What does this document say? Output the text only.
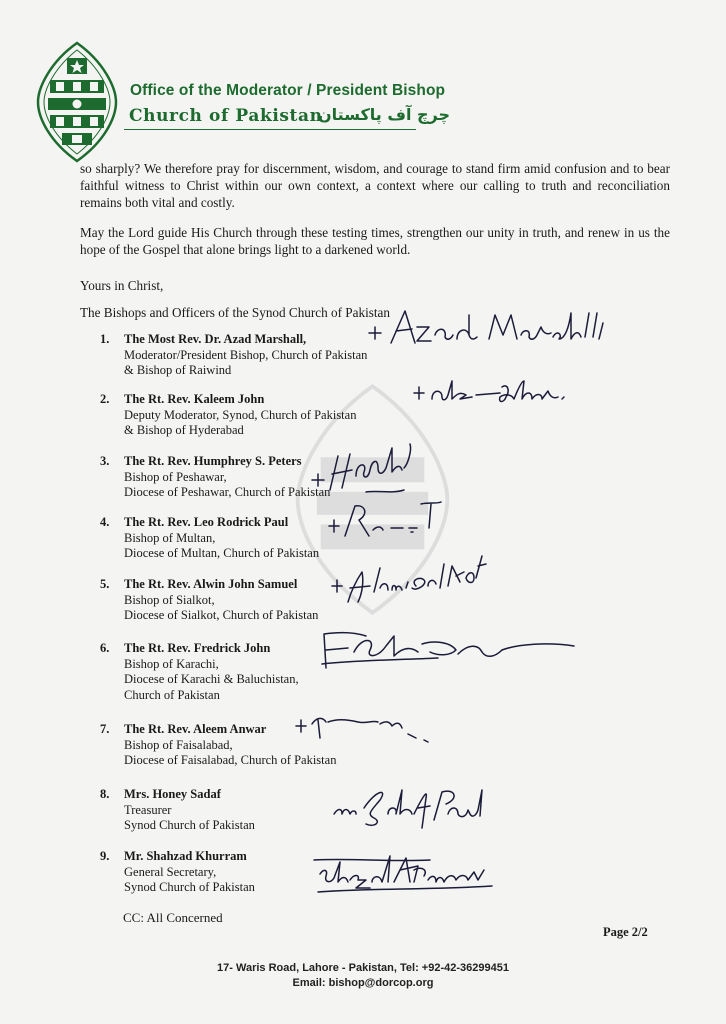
Office of the Moderator / President Bishop
Church of Pakistan
چرچ آف پاکستان
so sharply? We therefore pray for discernment, wisdom, and courage to stand firm amid confusion and to bear faithful witness to Christ within our own context, a context where our calling to truth and reconciliation remains both vital and costly.
May the Lord guide His Church through these testing times, strengthen our unity in truth, and renew in us the hope of the Gospel that alone brings light to a darkened world.
Yours in Christ,
The Bishops and Officers of the Synod Church of Pakistan
1. The Most Rev. Dr. Azad Marshall,
Moderator/President Bishop, Church of Pakistan
& Bishop of Raiwind
2. The Rt. Rev. Kaleem John
Deputy Moderator, Synod, Church of Pakistan
& Bishop of Hyderabad
3. The Rt. Rev. Humphrey S. Peters
Bishop of Peshawar,
Diocese of Peshawar, Church of Pakistan
4. The Rt. Rev. Leo Rodrick Paul
Bishop of Multan,
Diocese of Multan, Church of Pakistan
5. The Rt. Rev. Alwin John Samuel
Bishop of Sialkot,
Diocese of Sialkot, Church of Pakistan
6. The Rt. Rev. Fredrick John
Bishop of Karachi,
Diocese of Karachi & Baluchistan,
Church of Pakistan
7. The Rt. Rev. Aleem Anwar
Bishop of Faisalabad,
Diocese of Faisalabad, Church of Pakistan
8. Mrs. Honey Sadaf
Treasurer
Synod Church of Pakistan
9. Mr. Shahzad Khurram
General Secretary,
Synod Church of Pakistan
CC: All Concerned
Page 2/2
17- Waris Road, Lahore - Pakistan, Tel: +92-42-36299451
Email: bishop@dorcop.org
